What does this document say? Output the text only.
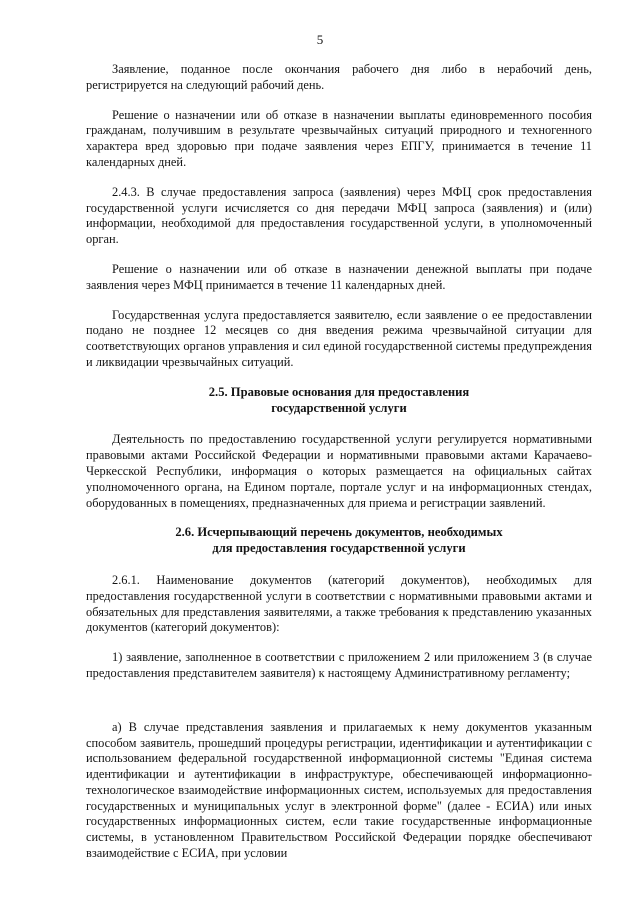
5

Заявление, поданное после окончания рабочего дня либо в нерабочий день, регистрируется на следующий рабочий день.

Решение о назначении или об отказе в назначении выплаты единовременного пособия гражданам, получившим в результате чрезвычайных ситуаций природного и техногенного характера вред здоровью при подаче заявления через ЕПГУ, принимается в течение 11 календарных дней.

2.4.3. В случае предоставления запроса (заявления) через МФЦ срок предоставления государственной услуги исчисляется со дня передачи МФЦ запроса (заявления) и (или) информации, необходимой для предоставления государственной услуги, в уполномоченный орган.

Решение о назначении или об отказе в назначении денежной выплаты при подаче заявления через МФЦ принимается в течение 11 календарных дней.

Государственная услуга предоставляется заявителю, если заявление о ее предоставлении подано не позднее 12 месяцев со дня введения режима чрезвычайной ситуации для соответствующих органов управления и сил единой государственной системы предупреждения и ликвидации чрезвычайных ситуаций.

2.5. Правовые основания для предоставления
государственной услуги

Деятельность по предоставлению государственной услуги регулируется нормативными правовыми актами Российской Федерации и нормативными правовыми актами Карачаево-Черкесской Республики, информация о которых размещается на официальных сайтах уполномоченного органа, на Едином портале, портале услуг и на информационных стендах, оборудованных в помещениях, предназначенных для приема и регистрации заявлений.

2.6. Исчерпывающий перечень документов, необходимых
для предоставления государственной услуги

2.6.1. Наименование документов (категорий документов), необходимых для предоставления государственной услуги в соответствии с нормативными правовыми актами и обязательных для представления заявителями, а также требования к представлению указанных документов (категорий документов):

1) заявление, заполненное в соответствии с приложением 2 или приложением 3 (в случае предоставления представителем заявителя) к настоящему Административному регламенту;

а) В случае представления заявления и прилагаемых к нему документов указанным способом заявитель, прошедший процедуры регистрации, идентификации и аутентификации с использованием федеральной государственной информационной системы "Единая система идентификации и аутентификации в инфраструктуре, обеспечивающей информационно-технологическое взаимодействие информационных систем, используемых для предоставления государственных и муниципальных услуг в электронной форме" (далее - ЕСИА) или иных государственных информационных систем, если такие государственные информационные системы, в установленном Правительством Российской Федерации порядке обеспечивают взаимодействие с ЕСИА, при условии
